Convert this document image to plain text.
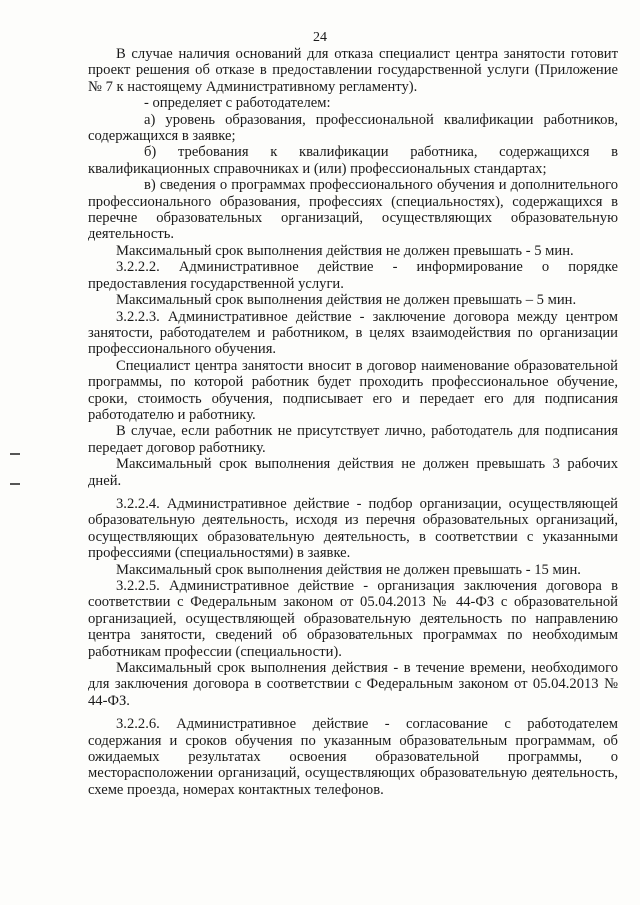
24

В случае наличия оснований для отказа специалист центра занятости готовит проект решения об отказе в предоставлении государственной услуги (Приложение № 7 к настоящему Административному регламенту).

- определяет с работодателем:

а) уровень образования, профессиональной квалификации работников, содержащихся в заявке;

б) требования к квалификации работника, содержащихся в квалификационных справочниках и (или) профессиональных стандартах;

в) сведения о программах профессионального обучения и дополнительного профессионального образования, профессиях (специальностях), содержащихся в перечне образовательных организаций, осуществляющих образовательную деятельность.

Максимальный срок выполнения действия не должен превышать - 5 мин.

3.2.2.2. Административное действие - информирование о порядке предоставления государственной услуги.

Максимальный срок выполнения действия не должен превышать – 5 мин.

3.2.2.3. Административное действие - заключение договора между центром занятости, работодателем и работником, в целях взаимодействия по организации профессионального обучения.

Специалист центра занятости вносит в договор наименование образовательной программы, по которой работник будет проходить профессиональное обучение, сроки, стоимость обучения, подписывает его и передает его для подписания работодателю и работнику.

В случае, если работник не присутствует лично, работодатель для подписания передает договор работнику.

Максимальный срок выполнения действия не должен превышать 3 рабочих дней.

3.2.2.4. Административное действие - подбор организации, осуществляющей образовательную деятельность, исходя из перечня образовательных организаций, осуществляющих образовательную деятельность, в соответствии с указанными профессиями (специальностями) в заявке.

Максимальный срок выполнения действия не должен превышать - 15 мин.

3.2.2.5. Административное действие - организация заключения договора в соответствии с Федеральным законом от 05.04.2013 № 44-ФЗ с образовательной организацией, осуществляющей образовательную деятельность по направлению центра занятости, сведений об образовательных программах по необходимым работникам профессии (специальности).

Максимальный срок выполнения действия - в течение времени, необходимого для заключения договора в соответствии с Федеральным законом от 05.04.2013 № 44-ФЗ.

3.2.2.6. Административное действие - согласование с работодателем содержания и сроков обучения по указанным образовательным программам, об ожидаемых результатах освоения образовательной программы, о месторасположении организаций, осуществляющих образовательную деятельность, схеме проезда, номерах контактных телефонов.
